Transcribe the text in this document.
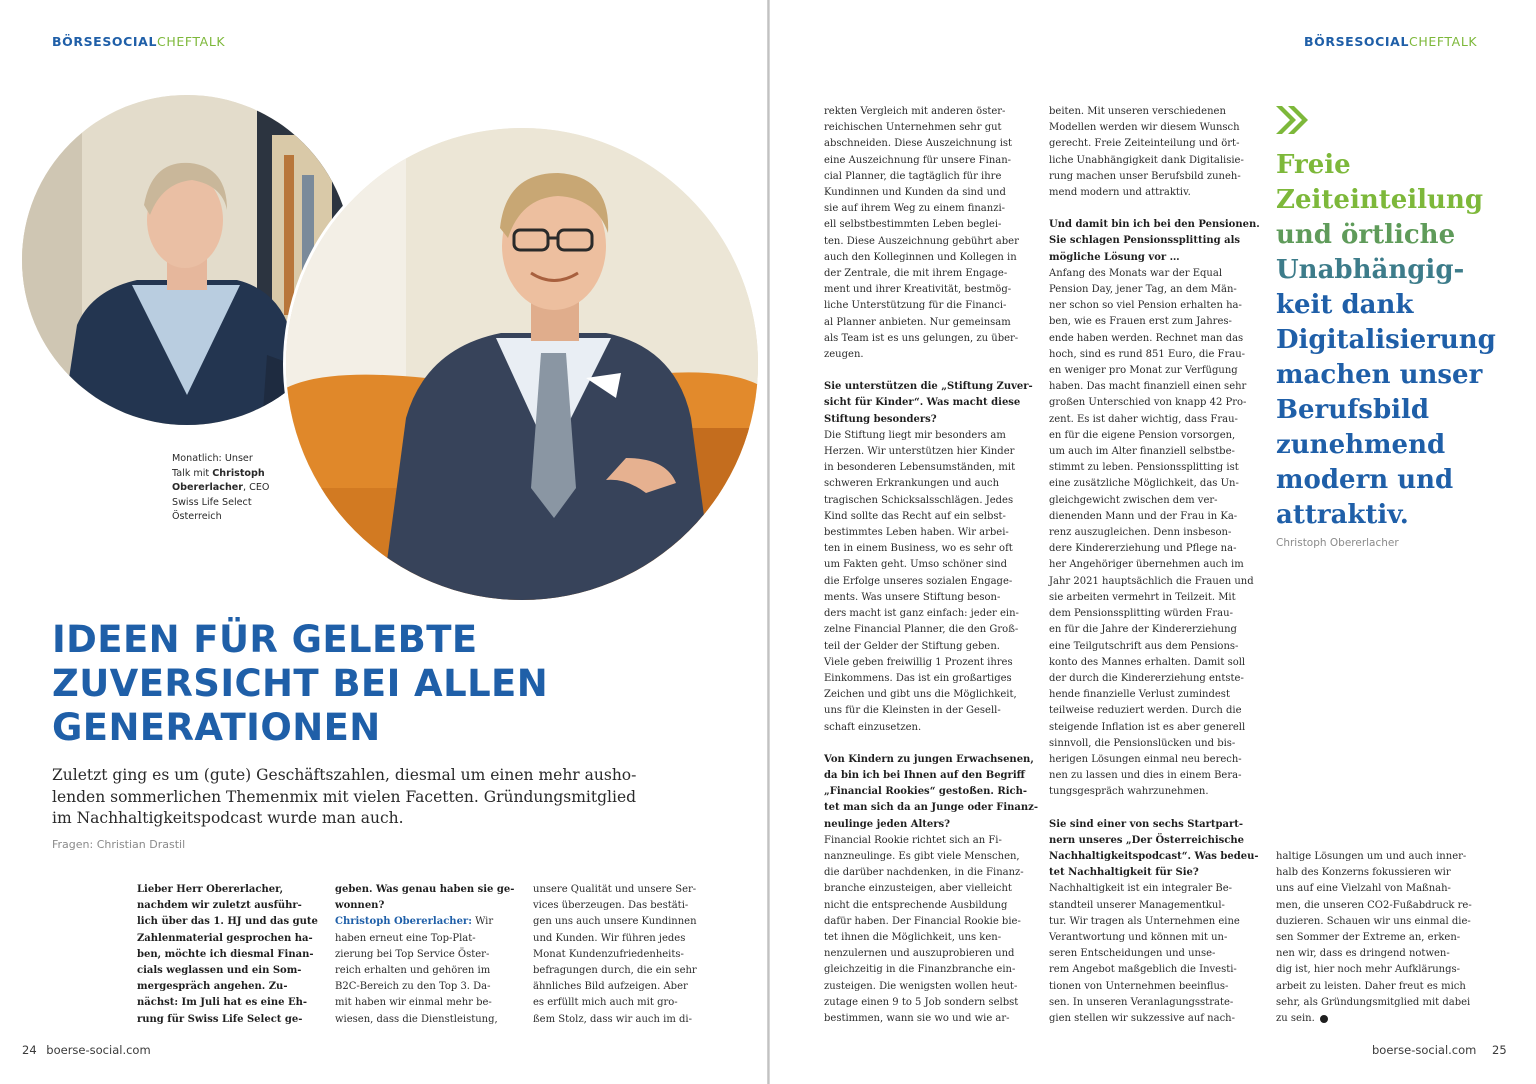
BÖRSESOCIALCHEFTALK
Monatlich: Unser
Talk mit Christoph
Obererlacher, CEO
Swiss Life Select
Österreich
IDEEN FÜR GELEBTE
ZUVERSICHT BEI ALLEN
GENERATIONEN
Zuletzt ging es um (gute) Geschäftszahlen, diesmal um einen mehr ausho-
lenden sommerlichen Themenmix mit vielen Facetten. Gründungsmitglied
im Nachhaltigkeitspodcast wurde man auch.
Fragen: Christian Drastil
Lieber Herr Obererlacher,
nachdem wir zuletzt ausführ-
lich über das 1. HJ und das gute
Zahlenmaterial gesprochen ha-
ben, möchte ich diesmal Finan-
cials weglassen und ein Som-
mergespräch angehen. Zu-
nächst: Im Juli hat es eine Eh-
rung für Swiss Life Select ge-
geben. Was genau haben sie ge-
wonnen?
Christoph Obererlacher: Wir
haben erneut eine Top-Plat-
zierung bei Top Service Öster-
reich erhalten und gehören im
B2C-Bereich zu den Top 3. Da-
mit haben wir einmal mehr be-
wiesen, dass die Dienstleistung,
unsere Qualität und unsere Ser-
vices überzeugen. Das bestäti-
gen uns auch unsere Kundinnen
und Kunden. Wir führen jedes
Monat Kundenzufriedenheits-
befragungen durch, die ein sehr
ähnliches Bild aufzeigen. Aber
es erfüllt mich auch mit gro-
ßem Stolz, dass wir auch im di-
24 boerse-social.com
BÖRSESOCIALCHEFTALK
rekten Vergleich mit anderen öster-
reichischen Unternehmen sehr gut
abschneiden. Diese Auszeichnung ist
eine Auszeichnung für unsere Finan-
cial Planner, die tagtäglich für ihre
Kundinnen und Kunden da sind und
sie auf ihrem Weg zu einem finanzi-
ell selbstbestimmten Leben beglei-
ten. Diese Auszeichnung gebührt aber
auch den Kolleginnen und Kollegen in
der Zentrale, die mit ihrem Engage-
ment und ihrer Kreativität, bestmög-
liche Unterstützung für die Financi-
al Planner anbieten. Nur gemeinsam
als Team ist es uns gelungen, zu über-
zeugen.
Sie unterstützen die „Stiftung Zuver-
sicht für Kinder“. Was macht diese
Stiftung besonders?
Die Stiftung liegt mir besonders am
Herzen. Wir unterstützen hier Kinder
in besonderen Lebensumständen, mit
schweren Erkrankungen und auch
tragischen Schicksalsschlägen. Jedes
Kind sollte das Recht auf ein selbst-
bestimmtes Leben haben. Wir arbei-
ten in einem Business, wo es sehr oft
um Fakten geht. Umso schöner sind
die Erfolge unseres sozialen Engage-
ments. Was unsere Stiftung beson-
ders macht ist ganz einfach: jeder ein-
zelne Financial Planner, die den Groß-
teil der Gelder der Stiftung geben.
Viele geben freiwillig 1 Prozent ihres
Einkommens. Das ist ein großartiges
Zeichen und gibt uns die Möglichkeit,
uns für die Kleinsten in der Gesell-
schaft einzusetzen.
Von Kindern zu jungen Erwachsenen,
da bin ich bei Ihnen auf den Begriff
„Financial Rookies“ gestoßen. Rich-
tet man sich da an Junge oder Finanz-
neulinge jeden Alters?
Financial Rookie richtet sich an Fi-
nanzneulinge. Es gibt viele Menschen,
die darüber nachdenken, in die Finanz-
branche einzusteigen, aber vielleicht
nicht die entsprechende Ausbildung
dafür haben. Der Financial Rookie bie-
tet ihnen die Möglichkeit, uns ken-
nenzulernen und auszuprobieren und
gleichzeitig in die Finanzbranche ein-
zusteigen. Die wenigsten wollen heut-
zutage einen 9 to 5 Job sondern selbst
bestimmen, wann sie wo und wie ar-
beiten. Mit unseren verschiedenen
Modellen werden wir diesem Wunsch
gerecht. Freie Zeiteinteilung und ört-
liche Unabhängigkeit dank Digitalisie-
rung machen unser Berufsbild zuneh-
mend modern und attraktiv.
Und damit bin ich bei den Pensionen.
Sie schlagen Pensionssplitting als
mögliche Lösung vor …
Anfang des Monats war der Equal
Pension Day, jener Tag, an dem Män-
ner schon so viel Pension erhalten ha-
ben, wie es Frauen erst zum Jahres-
ende haben werden. Rechnet man das
hoch, sind es rund 851 Euro, die Frau-
en weniger pro Monat zur Verfügung
haben. Das macht finanziell einen sehr
großen Unterschied von knapp 42 Pro-
zent. Es ist daher wichtig, dass Frau-
en für die eigene Pension vorsorgen,
um auch im Alter finanziell selbstbe-
stimmt zu leben. Pensionssplitting ist
eine zusätzliche Möglichkeit, das Un-
gleichgewicht zwischen dem ver-
dienenden Mann und der Frau in Ka-
renz auszugleichen. Denn insbeson-
dere Kindererziehung und Pflege na-
her Angehöriger übernehmen auch im
Jahr 2021 hauptsächlich die Frauen und
sie arbeiten vermehrt in Teilzeit. Mit
dem Pensionssplitting würden Frau-
en für die Jahre der Kindererziehung
eine Teilgutschrift aus dem Pensions-
konto des Mannes erhalten. Damit soll
der durch die Kindererziehung entste-
hende finanzielle Verlust zumindest
teilweise reduziert werden. Durch die
steigende Inflation ist es aber generell
sinnvoll, die Pensionslücken und bis-
herigen Lösungen einmal neu berech-
nen zu lassen und dies in einem Bera-
tungsgespräch wahrzunehmen.
Sie sind einer von sechs Startpart-
nern unseres „Der Österreichische
Nachhaltigkeitspodcast“. Was bedeu-
tet Nachhaltigkeit für Sie?
Nachhaltigkeit ist ein integraler Be-
standteil unserer Managementkul-
tur. Wir tragen als Unternehmen eine
Verantwortung und können mit un-
seren Entscheidungen und unse-
rem Angebot maßgeblich die Investi-
tionen von Unternehmen beeinflus-
sen. In unseren Veranlagungsstrate-
gien stellen wir sukzessive auf nach-
Freie
Zeiteinteilung
und örtliche
Unabhängig-
keit dank
Digitalisierung
machen unser
Berufsbild
zunehmend
modern und
attraktiv.
Christoph Obererlacher
haltige Lösungen um und auch inner-
halb des Konzerns fokussieren wir
uns auf eine Vielzahl von Maßnah-
men, die unseren CO2-Fußabdruck re-
duzieren. Schauen wir uns einmal die-
sen Sommer der Extreme an, erken-
nen wir, dass es dringend notwen-
dig ist, hier noch mehr Aufklärungs-
arbeit zu leisten. Daher freut es mich
sehr, als Gründungsmitglied mit dabei
zu sein.
boerse-social.com 25
